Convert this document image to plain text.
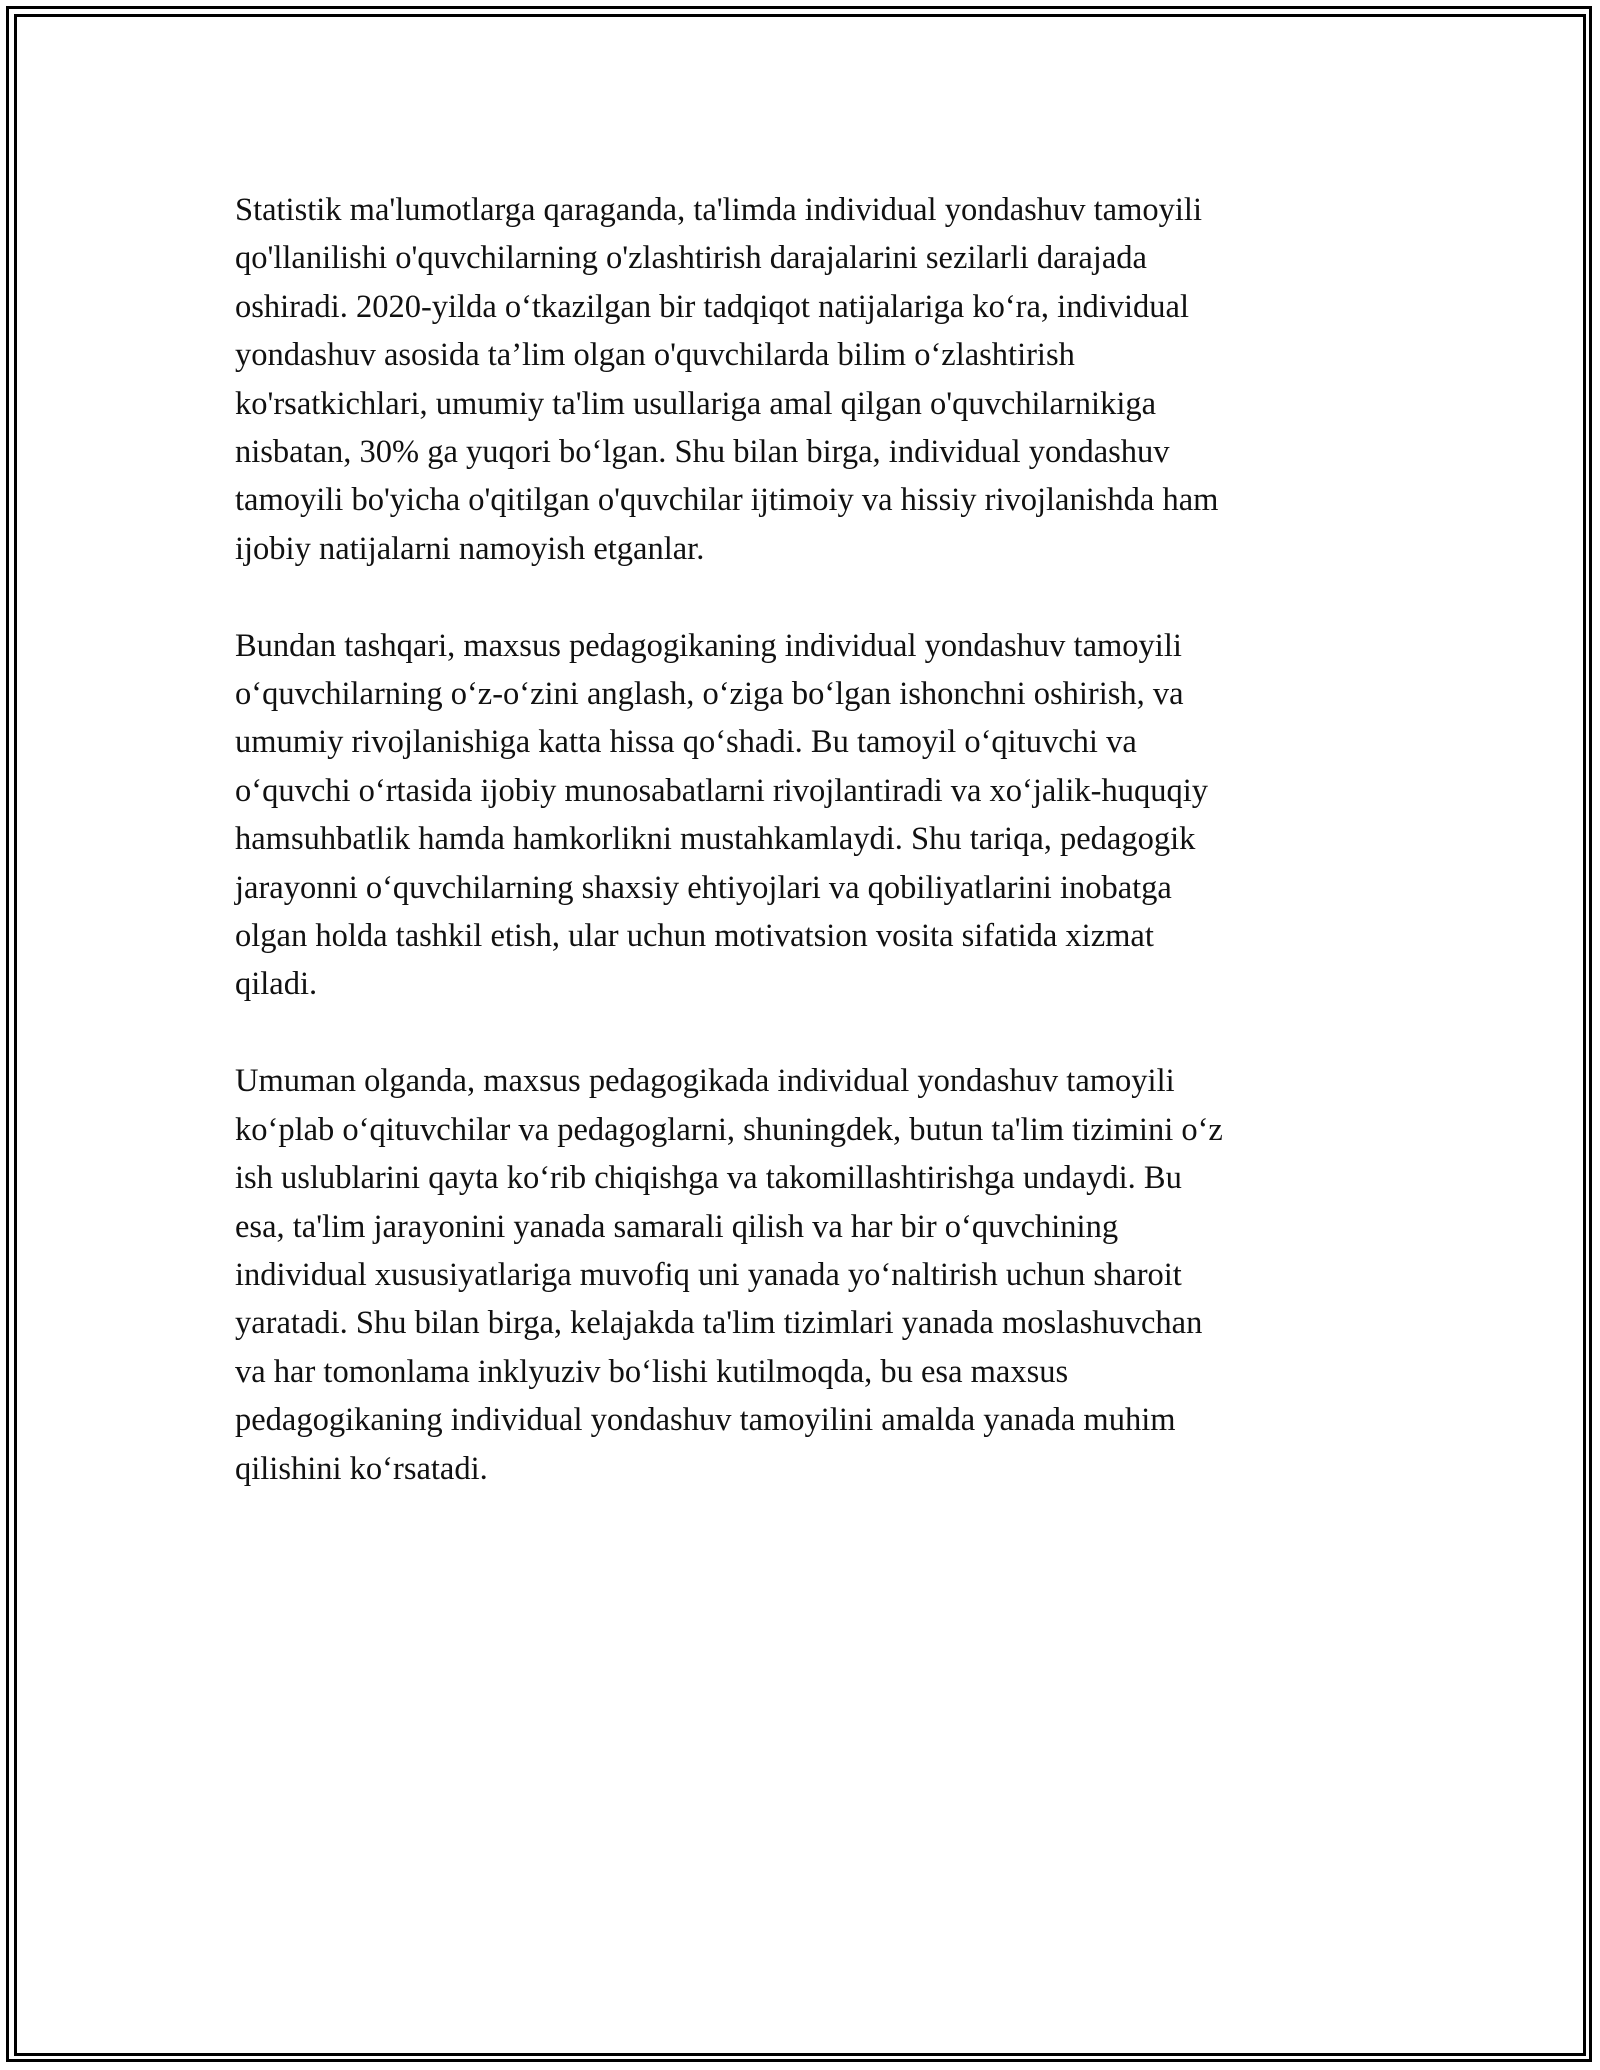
Statistik ma'lumotlarga qaraganda, ta'limda individual yondashuv tamoyili
qo'llanilishi o'quvchilarning o'zlashtirish darajalarini sezilarli darajada
oshiradi. 2020-yilda o‘tkazilgan bir tadqiqot natijalariga ko‘ra, individual
yondashuv asosida ta’lim olgan o'quvchilarda bilim o‘zlashtirish
ko'rsatkichlari, umumiy ta'lim usullariga amal qilgan o'quvchilarnikiga
nisbatan, 30% ga yuqori bo‘lgan. Shu bilan birga, individual yondashuv
tamoyili bo'yicha o'qitilgan o'quvchilar ijtimoiy va hissiy rivojlanishda ham
ijobiy natijalarni namoyish etganlar.

Bundan tashqari, maxsus pedagogikaning individual yondashuv tamoyili
o‘quvchilarning o‘z-o‘zini anglash, o‘ziga bo‘lgan ishonchni oshirish, va
umumiy rivojlanishiga katta hissa qo‘shadi. Bu tamoyil o‘qituvchi va
o‘quvchi o‘rtasida ijobiy munosabatlarni rivojlantiradi va xo‘jalik-huquqiy
hamsuhbatlik hamda hamkorlikni mustahkamlaydi. Shu tariqa, pedagogik
jarayonni o‘quvchilarning shaxsiy ehtiyojlari va qobiliyatlarini inobatga
olgan holda tashkil etish, ular uchun motivatsion vosita sifatida xizmat
qiladi.

Umuman olganda, maxsus pedagogikada individual yondashuv tamoyili
ko‘plab o‘qituvchilar va pedagoglarni, shuningdek, butun ta'lim tizimini o‘z
ish uslublarini qayta ko‘rib chiqishga va takomillashtirishga undaydi. Bu
esa, ta'lim jarayonini yanada samarali qilish va har bir o‘quvchining
individual xususiyatlariga muvofiq uni yanada yo‘naltirish uchun sharoit
yaratadi. Shu bilan birga, kelajakda ta'lim tizimlari yanada moslashuvchan
va har tomonlama inklyuziv bo‘lishi kutilmoqda, bu esa maxsus
pedagogikaning individual yondashuv tamoyilini amalda yanada muhim
qilishini ko‘rsatadi.
